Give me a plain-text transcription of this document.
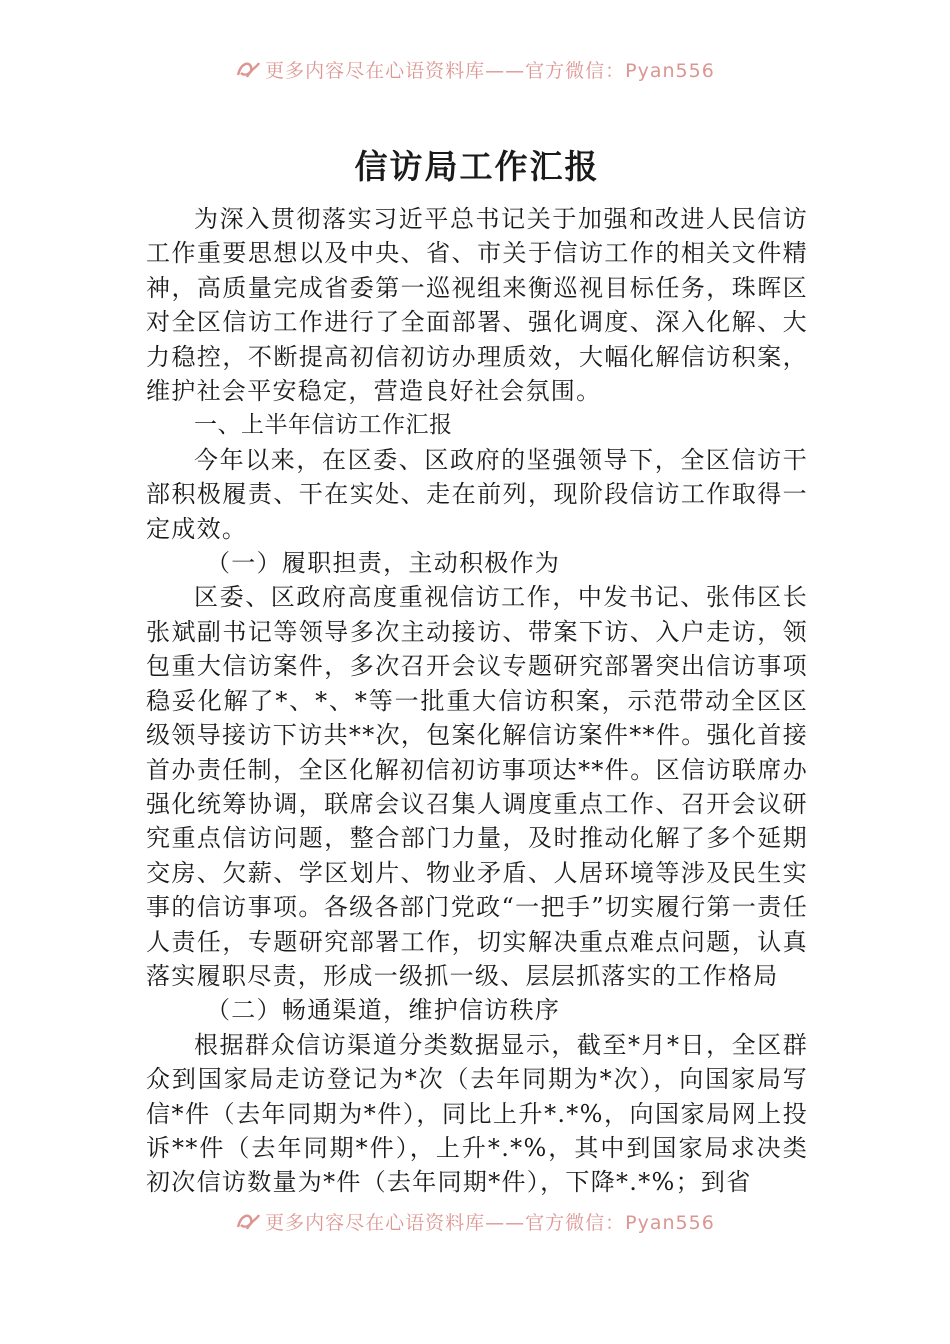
更多内容尽在心语资料库——官方微信：Pyan556
信访局工作汇报

为深入贯彻落实习近平总书记关于加强和改进人民信访工作重要思想以及中央、省、市关于信访工作的相关文件精神，高质量完成省委第一巡视组来衡巡视目标任务，珠晖区对全区信访工作进行了全面部署、强化调度、深入化解、大力稳控，不断提高初信初访办理质效，大幅化解信访积案，维护社会平安稳定，营造良好社会氛围。

一、上半年信访工作汇报

今年以来，在区委、区政府的坚强领导下，全区信访干部积极履责、干在实处、走在前列，现阶段信访工作取得一定成效。

（一）履职担责，主动积极作为

区委、区政府高度重视信访工作，中发书记、张伟区长张斌副书记等领导多次主动接访、带案下访、入户走访，领包重大信访案件，多次召开会议专题研究部署突出信访事项稳妥化解了*、*、*等一批重大信访积案，示范带动全区区级领导接访下访共**次，包案化解信访案件**件。强化首接首办责任制，全区化解初信初访事项达**件。区信访联席办强化统筹协调，联席会议召集人调度重点工作、召开会议研究重点信访问题，整合部门力量，及时推动化解了多个延期交房、欠薪、学区划片、物业矛盾、人居环境等涉及民生实事的信访事项。各级各部门党政“一把手”切实履行第一责任人责任，专题研究部署工作，切实解决重点难点问题，认真落实履职尽责，形成一级抓一级、层层抓落实的工作格局

（二）畅通渠道，维护信访秩序

根据群众信访渠道分类数据显示，截至*月*日，全区群众到国家局走访登记为*次（去年同期为*次），向国家局写信*件（去年同期为*件），同比上升*.*%，向国家局网上投诉**件（去年同期*件），上升*.*%，其中到国家局求决类初次信访数量为*件（去年同期*件），下降*.*%；到省

更多内容尽在心语资料库——官方微信：Pyan556
